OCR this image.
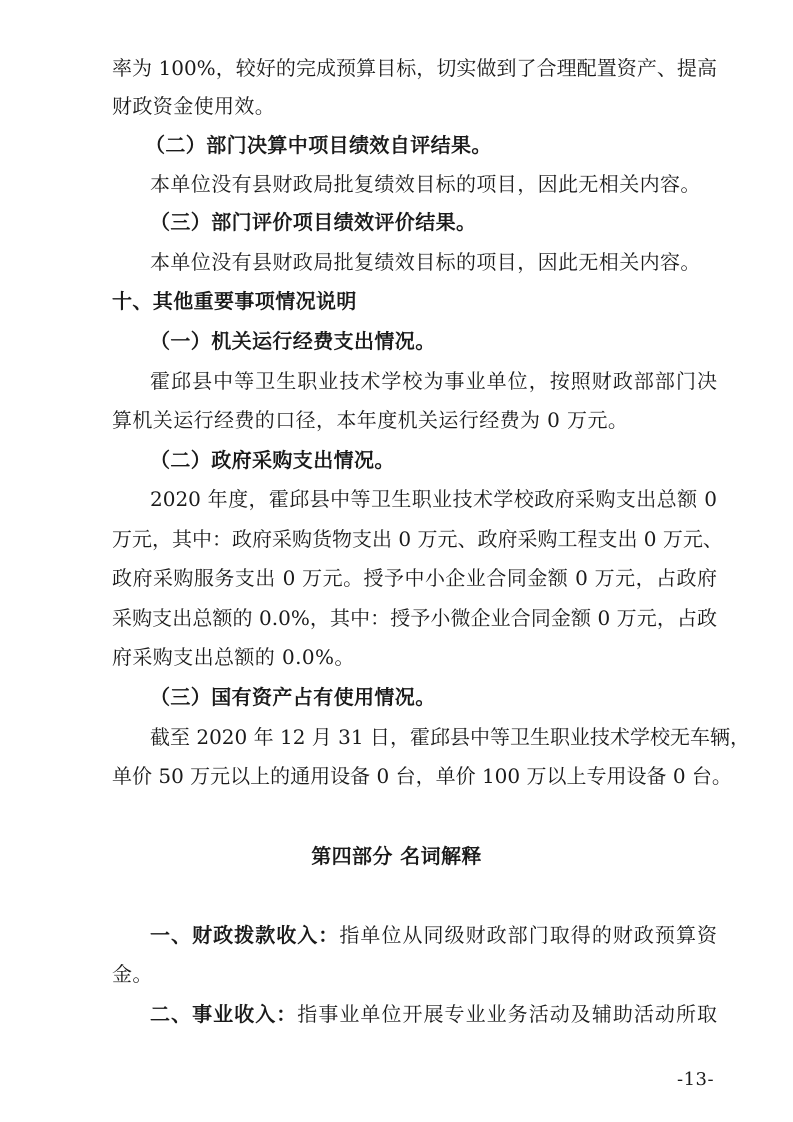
率为 100%，较好的完成预算目标，切实做到了合理配置资产、提高
财政资金使用效。
（二）部门决算中项目绩效自评结果。
本单位没有县财政局批复绩效目标的项目，因此无相关内容。
（三）部门评价项目绩效评价结果。
本单位没有县财政局批复绩效目标的项目，因此无相关内容。
十、其他重要事项情况说明
（一）机关运行经费支出情况。
霍邱县中等卫生职业技术学校为事业单位，按照财政部部门决
算机关运行经费的口径，本年度机关运行经费为 0 万元。
（二）政府采购支出情况。
2020 年度，霍邱县中等卫生职业技术学校政府采购支出总额 0
万元，其中：政府采购货物支出 0 万元、政府采购工程支出 0 万元、
政府采购服务支出 0 万元。授予中小企业合同金额 0 万元，占政府
采购支出总额的 0.0%，其中：授予小微企业合同金额 0 万元，占政
府采购支出总额的 0.0%。
（三）国有资产占有使用情况。
截至 2020 年 12 月 31 日，霍邱县中等卫生职业技术学校无车辆，
单价 50 万元以上的通用设备 0 台，单价 100 万以上专用设备 0 台。
第四部分 名词解释
一、财政拨款收入：指单位从同级财政部门取得的财政预算资
金。
二、事业收入：指事业单位开展专业业务活动及辅助活动所取
-13-
